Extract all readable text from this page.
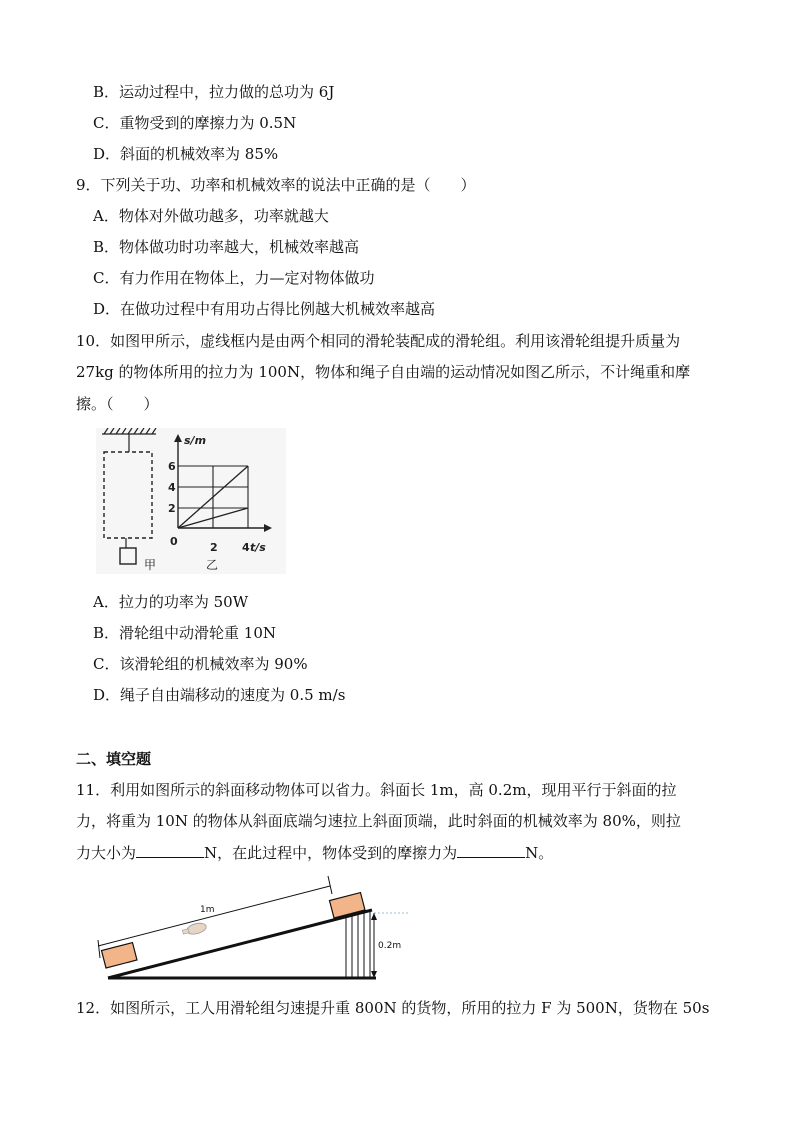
B．运动过程中，拉力做的总功为 6J
C．重物受到的摩擦力为 0.5N
D．斜面的机械效率为 85%
9．下列关于功、功率和机械效率的说法中正确的是（　　）
A．物体对外做功越多，功率就越大
B．物体做功时功率越大，机械效率越高
C．有力作用在物体上，力—定对物体做功
D．在做功过程中有用功占得比例越大机械效率越高
10．如图甲所示，虚线框内是由两个相同的滑轮装配成的滑轮组。利用该滑轮组提升质量为
27kg 的物体所用的拉力为 100N，物体和绳子自由端的运动情况如图乙所示，不计绳重和摩
擦。（　　）
甲
s/m
6
4
2
0	2 4 t/s
乙
A．拉力的功率为 50W
B．滑轮组中动滑轮重 10N
C．该滑轮组的机械效率为 90%
D．绳子自由端移动的速度为 0.5 m/s
二、填空题
11．利用如图所示的斜面移动物体可以省力。斜面长 1m，高 0.2m，现用平行于斜面的拉
力，将重为 10N 的物体从斜面底端匀速拉上斜面顶端，此时斜面的机械效率为 80%，则拉
力大小为	N，在此过程中，物体受到的摩擦力为	N。
0.2m
1m
12．如图所示，工人用滑轮组匀速提升重 800N 的货物，所用的拉力 F 为 500N，货物在 50s
